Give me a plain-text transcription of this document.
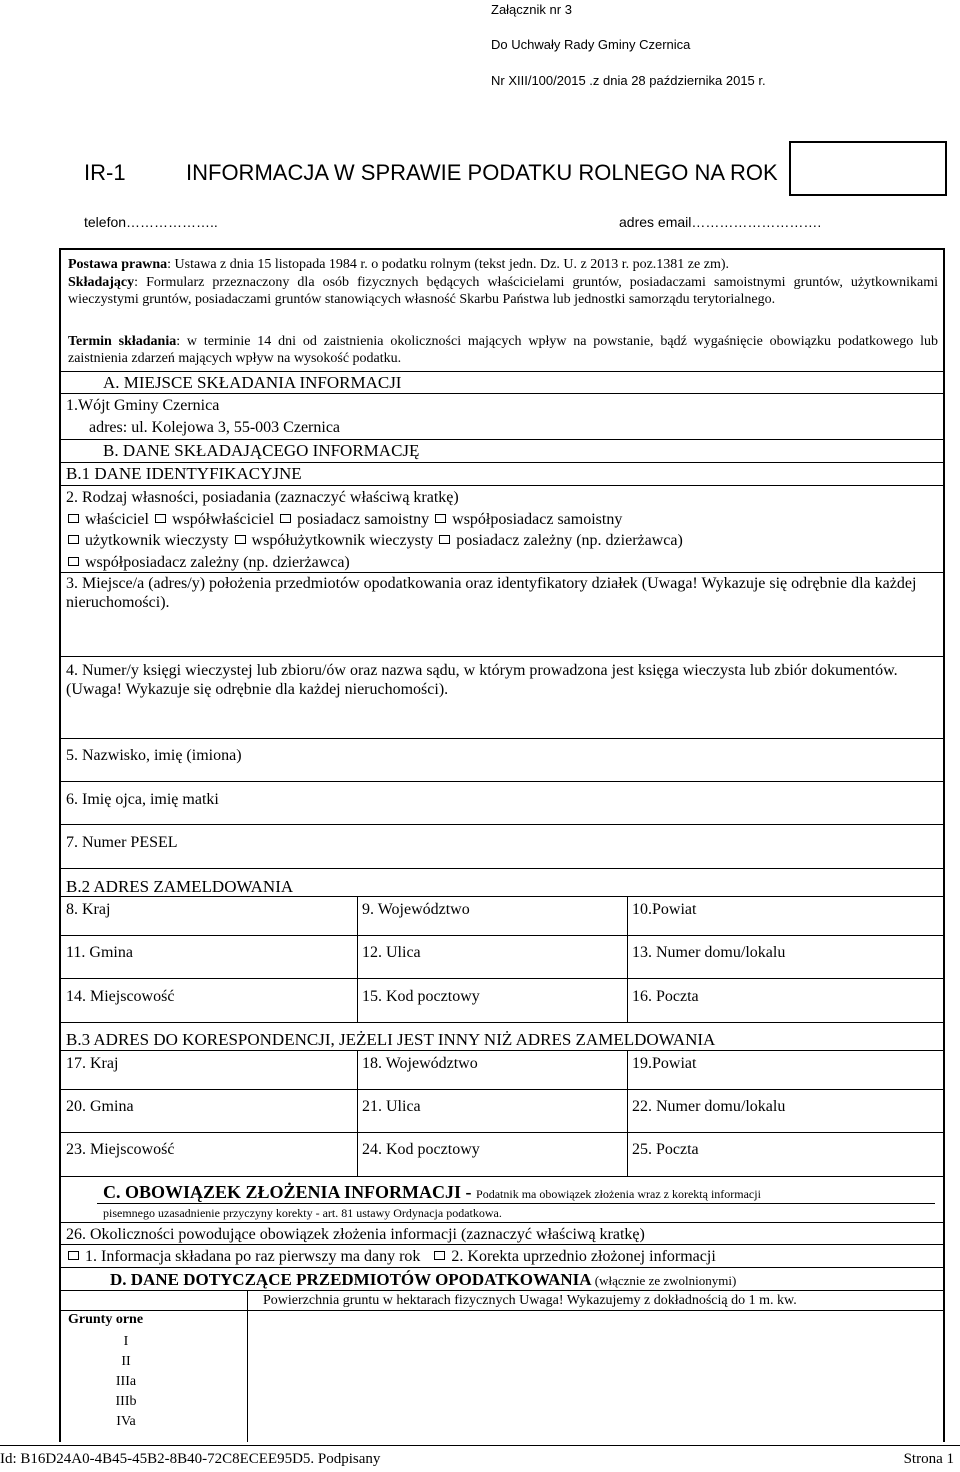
Załącznik nr 3
Do Uchwały Rady Gminy Czernica
Nr XIII/100/2015 .z dnia 28 października 2015 r.
IR-1	INFORMACJA W SPRAWIE PODATKU ROLNEGO NA ROK
telefon………………..	adres email……………………….
Postawa prawna: Ustawa z dnia 15 listopada 1984 r. o podatku rolnym (tekst jedn. Dz. U. z 2013 r. poz.1381 ze zm).
Składający: Formularz przeznaczony dla osób fizycznych będących właścicielami gruntów, posiadaczami samoistnymi gruntów, użytkownikami wieczystymi gruntów, posiadaczami gruntów stanowiących własność Skarbu Państwa lub jednostki samorządu terytorialnego.
Termin składania: w terminie 14 dni od zaistnienia okoliczności mających wpływ na powstanie, bądź wygaśnięcie obowiązku podatkowego lub zaistnienia zdarzeń mających wpływ na wysokość podatku.
A. MIEJSCE SKŁADANIA INFORMACJI
1.Wójt Gminy Czernica
adres: ul. Kolejowa 3, 55-003 Czernica
B. DANE SKŁADAJĄCEGO INFORMACJĘ
B.1 DANE IDENTYFIKACYJNE
2. Rodzaj własności, posiadania (zaznaczyć właściwą kratkę)
właściciel współwłaściciel posiadacz samoistny współposiadacz samoistny
użytkownik wieczysty współużytkownik wieczysty posiadacz zależny (np. dzierżawca)
współposiadacz zależny (np. dzierżawca)
3. Miejsce/a (adres/y) położenia przedmiotów opodatkowania oraz identyfikatory działek (Uwaga! Wykazuje się odrębnie dla każdej nieruchomości).
4. Numer/y księgi wieczystej lub zbioru/ów oraz nazwa sądu, w którym prowadzona jest księga wieczysta lub zbiór dokumentów. (Uwaga! Wykazuje się odrębnie dla każdej nieruchomości).
5. Nazwisko, imię (imiona)
6. Imię ojca, imię matki
7. Numer PESEL
B.2 ADRES ZAMELDOWANIA
8. Kraj	9. Województwo	10.Powiat
11. Gmina	12. Ulica	13. Numer domu/lokalu
14. Miejscowość	15. Kod pocztowy	16. Poczta
B.3 ADRES DO KORESPONDENCJI, JEŻELI JEST INNY NIŻ ADRES ZAMELDOWANIA
17. Kraj	18. Województwo	19.Powiat
20. Gmina	21. Ulica	22. Numer domu/lokalu
23. Miejscowość	24. Kod pocztowy	25. Poczta
C. OBOWIĄZEK ZŁOŻENIA INFORMACJI - Podatnik ma obowiązek złożenia wraz z korektą informacji
pisemnego uzasadnienie przyczyny korekty - art. 81 ustawy Ordynacja podatkowa.
26. Okoliczności powodujące obowiązek złożenia informacji (zaznaczyć właściwą kratkę)
1. Informacja składana po raz pierwszy ma dany rok 2. Korekta uprzednio złożonej informacji
D. DANE DOTYCZĄCE PRZEDMIOTÓW OPODATKOWANIA (włącznie ze zwolnionymi)
Powierzchnia gruntu w hektarach fizycznych Uwaga! Wykazujemy z dokładnością do 1 m. kw.
Grunty orne
I
II
IIIa
IIIb
IVa
Id: B16D24A0-4B45-45B2-8B40-72C8ECEE95D5. Podpisany	Strona 1
